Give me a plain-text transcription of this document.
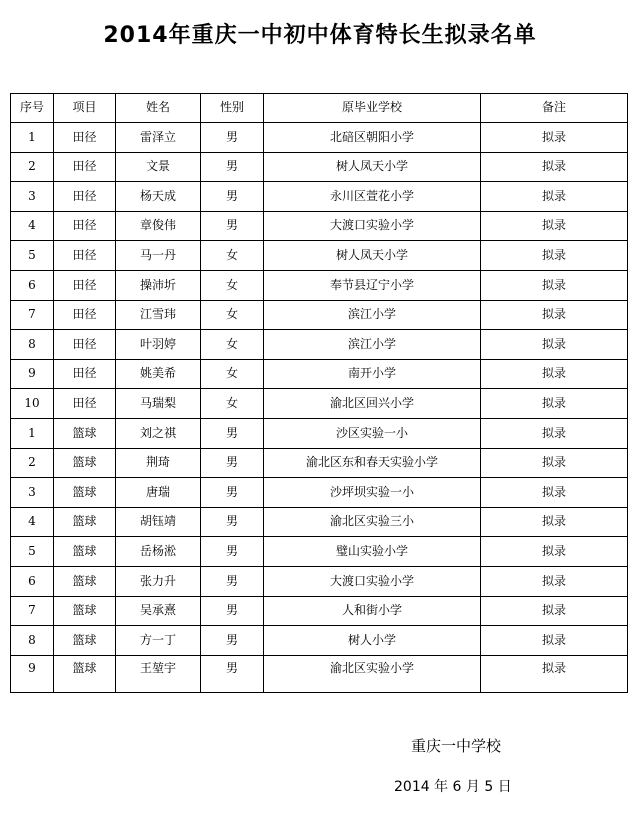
2014年重庆一中初中体育特长生拟录名单
序号	项目	姓名	性别	原毕业学校	备注
1	田径	雷泽立	男	北碚区朝阳小学	拟录
2	田径	文景	男	树人凤天小学	拟录
3	田径	杨天成	男	永川区萱花小学	拟录
4	田径	章俊伟	男	大渡口实验小学	拟录
5	田径	马一丹	女	树人凤天小学	拟录
6	田径	操沛圻	女	奉节县辽宁小学	拟录
7	田径	江雪玮	女	滨江小学	拟录
8	田径	叶羽婷	女	滨江小学	拟录
9	田径	姚美希	女	南开小学	拟录
10	田径	马瑞梨	女	渝北区回兴小学	拟录
1	篮球	刘之祺	男	沙区实验一小	拟录
2	篮球	荆琦	男	渝北区东和春天实验小学	拟录
3	篮球	唐瑞	男	沙坪坝实验一小	拟录
4	篮球	胡钰靖	男	渝北区实验三小	拟录
5	篮球	岳杨淞	男	璧山实验小学	拟录
6	篮球	张力升	男	大渡口实验小学	拟录
7	篮球	吴承熹	男	人和街小学	拟录
8	篮球	方一丁	男	树人小学	拟录
9	篮球	王堃宇	男	渝北区实验小学	拟录
重庆一中学校
2014 年 6 月 5 日
